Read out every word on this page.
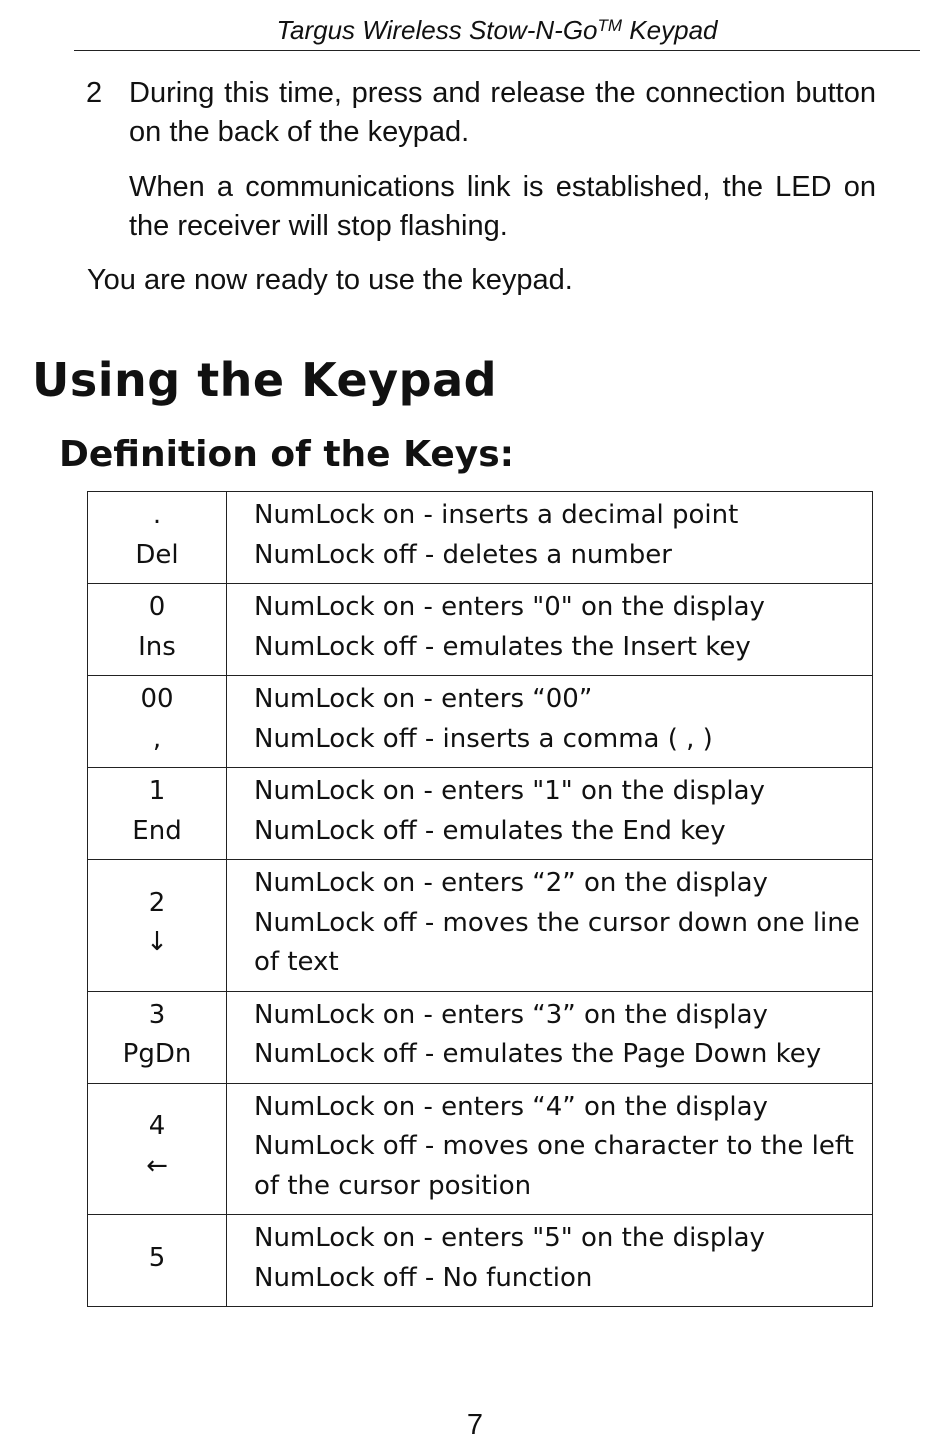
Targus Wireless Stow-N-Go™ Keypad
2 During this time, press and release the connection button on the back of the keypad.

When a communications link is established, the LED on the receiver will stop flashing.

You are now ready to use the keypad.

Using the Keypad
Definition of the Keys:
.
Del	NumLock on - inserts a decimal point
NumLock off - deletes a number

0
Ins	NumLock on - enters "0" on the display
NumLock off - emulates the Insert key

00
,	NumLock on - enters “00”
NumLock off - inserts a comma ( , )

1
End	NumLock on - enters "1" on the display
NumLock off - emulates the End key

2
↓	NumLock on - enters “2” on the display
NumLock off - moves the cursor down one line
of text

3
PgDn	NumLock on - enters “3” on the display
NumLock off - emulates the Page Down key

4
←	NumLock on - enters “4” on the display
NumLock off - moves one character to the left
of the cursor position

5	NumLock on - enters "5" on the display
NumLock off - No function
7
